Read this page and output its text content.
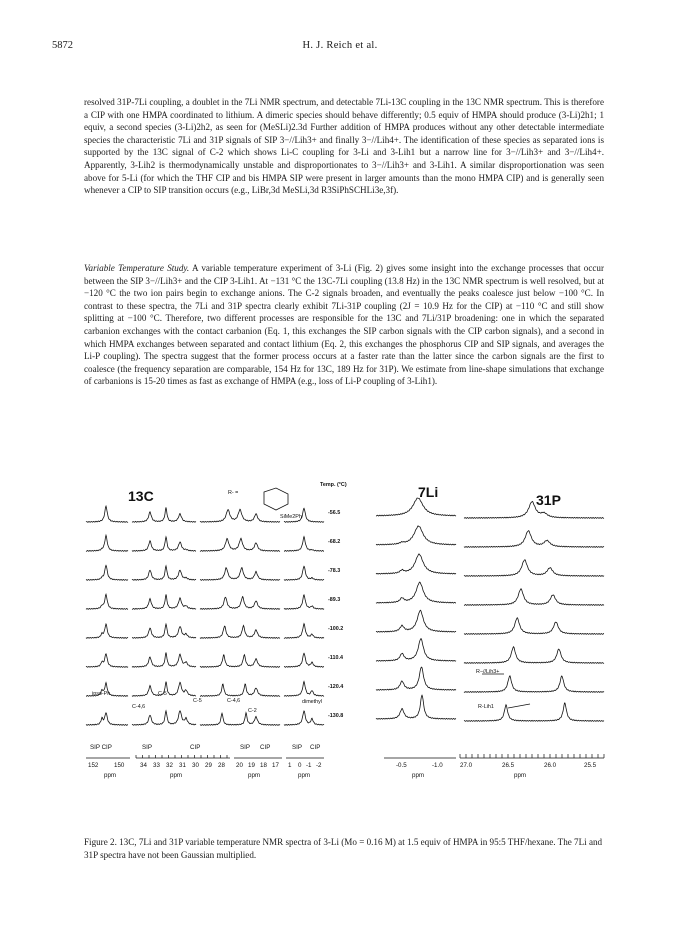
5872	H. J. Reich et al.
resolved 31P-7Li coupling, a doublet in the 7Li NMR spectrum, and detectable 7Li-13C coupling in the 13C NMR spectrum. This is therefore a CIP with one HMPA coordinated to lithium. A dimeric species should behave differently; 0.5 equiv of HMPA should produce (3-Li)2h1; 1 equiv, a second species (3-Li)2h2, as seen for (MeSLi)2.3d Further addition of HMPA produces without any other detectable intermediate species the characteristic 7Li and 31P signals of SIP 3−//Lih3+ and finally 3−//Lih4+. The identification of these species as separated ions is supported by the 13C signal of C-2 which shows Li-C coupling for 3-Li and 3-Lih1 but a narrow line for 3−//Lih3+ and 3−//Lih4+. Apparently, 3-Lih2 is thermodynamically unstable and disproportionates to 3−//Lih3+ and 3-Lih1. A similar disproportionation was seen above for 5-Li (for which the THF CIP and bis HMPA SIP were present in larger amounts than the mono HMPA CIP) and is generally seen whenever a CIP to SIP transition occurs (e.g., LiBr,3d MeSLi,3d R3SiPhSCHLi3e,3f).
Variable Temperature Study. A variable temperature experiment of 3-Li (Fig. 2) gives some insight into the exchange processes that occur between the SIP 3−//Lih3+ and the CIP 3-Lih1. At −131 °C the 13C-7Li coupling (13.8 Hz) in the 13C NMR spectrum is well resolved, but at −120 °C the two ion pairs begin to exchange anions. The C-2 signals broaden, and eventually the peaks coalesce just below −100 °C. In contrast to these spectra, the 7Li and 31P spectra clearly exhibit 7Li-31P coupling (2J = 10.9 Hz for the CIP) at −110 °C and still show splitting at −100 °C. Therefore, two different processes are responsible for the 13C and 7Li/31P broadening: one in which the separated carbanion exchanges with the contact carbanion (Eq. 1, this exchanges the SIP carbon signals with the CIP carbon signals), and a second in which HMPA exchanges between separated and contact lithium (Eq. 2, this exchanges the phosphorus CIP and SIP signals, and averages the Li-P coupling). The spectra suggest that the former process occurs at a faster rate than the latter since the carbon signals are the first to coalesce (the frequency separation are comparable, 154 Hz for 13C, 189 Hz for 31P). We estimate from line-shape simulations that exchange of carbanions is 15-20 times as fast as exchange of HMPA (e.g., loss of Li-P coupling of 3-Lih1).
13C	7Li	31P
R- =
SiMe2Ph
Temp. (°C)
-56.5
-68.2
-78.3
-89.3
-100.2
-110.4
-120.4
-130.8
ipso-Ph
C-4,6
C-5
C-5	C-4,6
C-2
dimethyl
R−//Lih3+
R-Lih1
SIP CIP	SIP	CIP	SIP CIP	SIP CIP
152	150	34 33 32 31 30 29 28 20 19 18 17 1 0 -1 -2	-0.5	-1.0	27.0	26.5	26.0	25.5
ppm	ppm	ppm	ppm	ppm	ppm
Figure 2. 13C, 7Li and 31P variable temperature NMR spectra of 3-Li (Mo = 0.16 M) at 1.5 equiv of HMPA in 95:5 THF/hexane. The 7Li and 31P spectra have not been Gaussian multiplied.
